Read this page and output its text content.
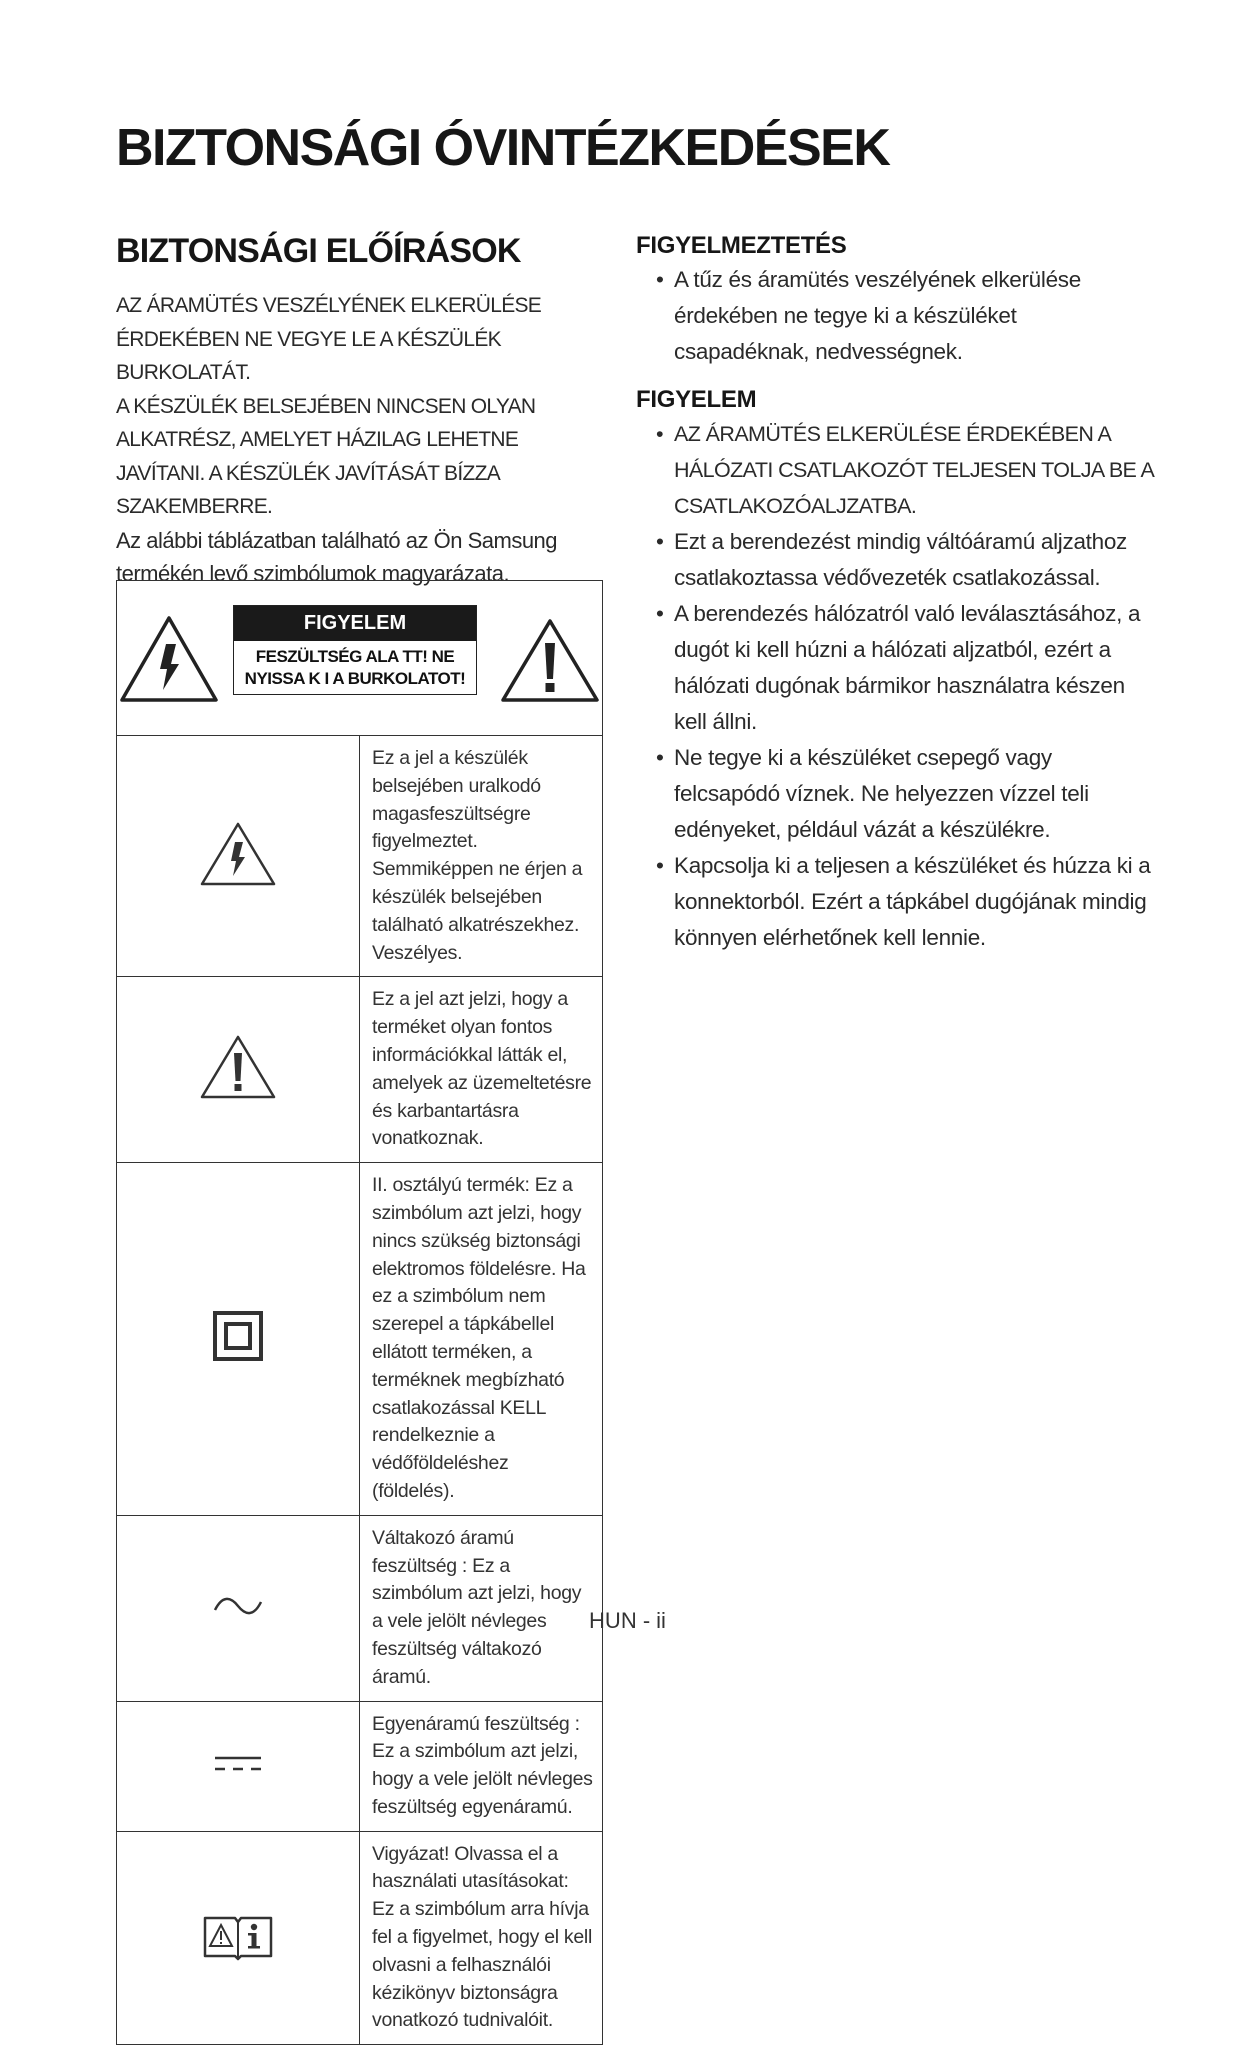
BIZTONSÁGI ÓVINTÉZKEDÉSEK
BIZTONSÁGI ELŐÍRÁSOK

AZ ÁRAMÜTÉS VESZÉLYÉNEK ELKERÜLÉSE ÉRDEKÉBEN NE VEGYE LE A KÉSZÜLÉK BURKOLATÁT.

A KÉSZÜLÉK BELSEJÉBEN NINCSEN OLYAN ALKATRÉSZ, AMELYET HÁZILAG LEHETNE JAVÍTANI. A KÉSZÜLÉK JAVÍTÁSÁT BÍZZA SZAKEMBERRE.

Az alábbi táblázatban található az Ön Samsung termékén levő szimbólumok magyarázata.

FIGYELEM
FESZÜLTSÉG ALA TT! NE NYISSA K I A BURKOLATOT!	

	Ez a jel a készülék belsejében uralkodó magasfeszültségre figyelmeztet. Semmiképpen ne érjen a készülék belsejében található alkatrészekhez. Veszélyes.
	Ez a jel azt jelzi, hogy a terméket olyan fontos információkkal látták el, amelyek az üzemeltetésre és karbantartásra vonatkoznak.
	II. osztályú termék: Ez a szimbólum azt jelzi, hogy nincs szükség biztonsági elektromos földelésre. Ha ez a szimbólum nem szerepel a tápkábellel ellátott terméken, a terméknek megbízható csatlakozással KELL rendelkeznie a védőföldeléshez (földelés).
	Váltakozó áramú feszültség : Ez a szimbólum azt jelzi, hogy a vele jelölt névleges feszültség váltakozó áramú.
	Egyenáramú feszültség : Ez a szimbólum azt jelzi, hogy a vele jelölt névleges feszültség egyenáramú.
	Vigyázat! Olvassa el a használati utasításokat: Ez a szimbólum arra hívja fel a figyelmet, hogy el kell olvasni a felhasználói kézikönyv biztonságra vonatkozó tudnivalóit.
FIGYELMEZTETÉS
• A tűz és áramütés veszélyének elkerülése érdekében ne tegye ki a készüléket csapadéknak, nedvességnek.
FIGYELEM
• AZ ÁRAMÜTÉS ELKERÜLÉSE ÉRDEKÉBEN A HÁLÓZATI CSATLAKOZÓT TELJESEN TOLJA BE A CSATLAKOZÓALJZATBA.
• Ezt a berendezést mindig váltóáramú aljzathoz csatlakoztassa védővezeték csatlakozással.
• A berendezés hálózatról való leválasztásához, a dugót ki kell húzni a hálózati aljzatból, ezért a hálózati dugónak bármikor használatra készen kell állni.
• Ne tegye ki a készüléket csepegő vagy felcsapódó víznek. Ne helyezzen vízzel teli edényeket, például vázát a készülékre.
• Kapcsolja ki a teljesen a készüléket és húzza ki a konnektorból. Ezért a tápkábel dugójának mindig könnyen elérhetőnek kell lennie.
HUN - ii
